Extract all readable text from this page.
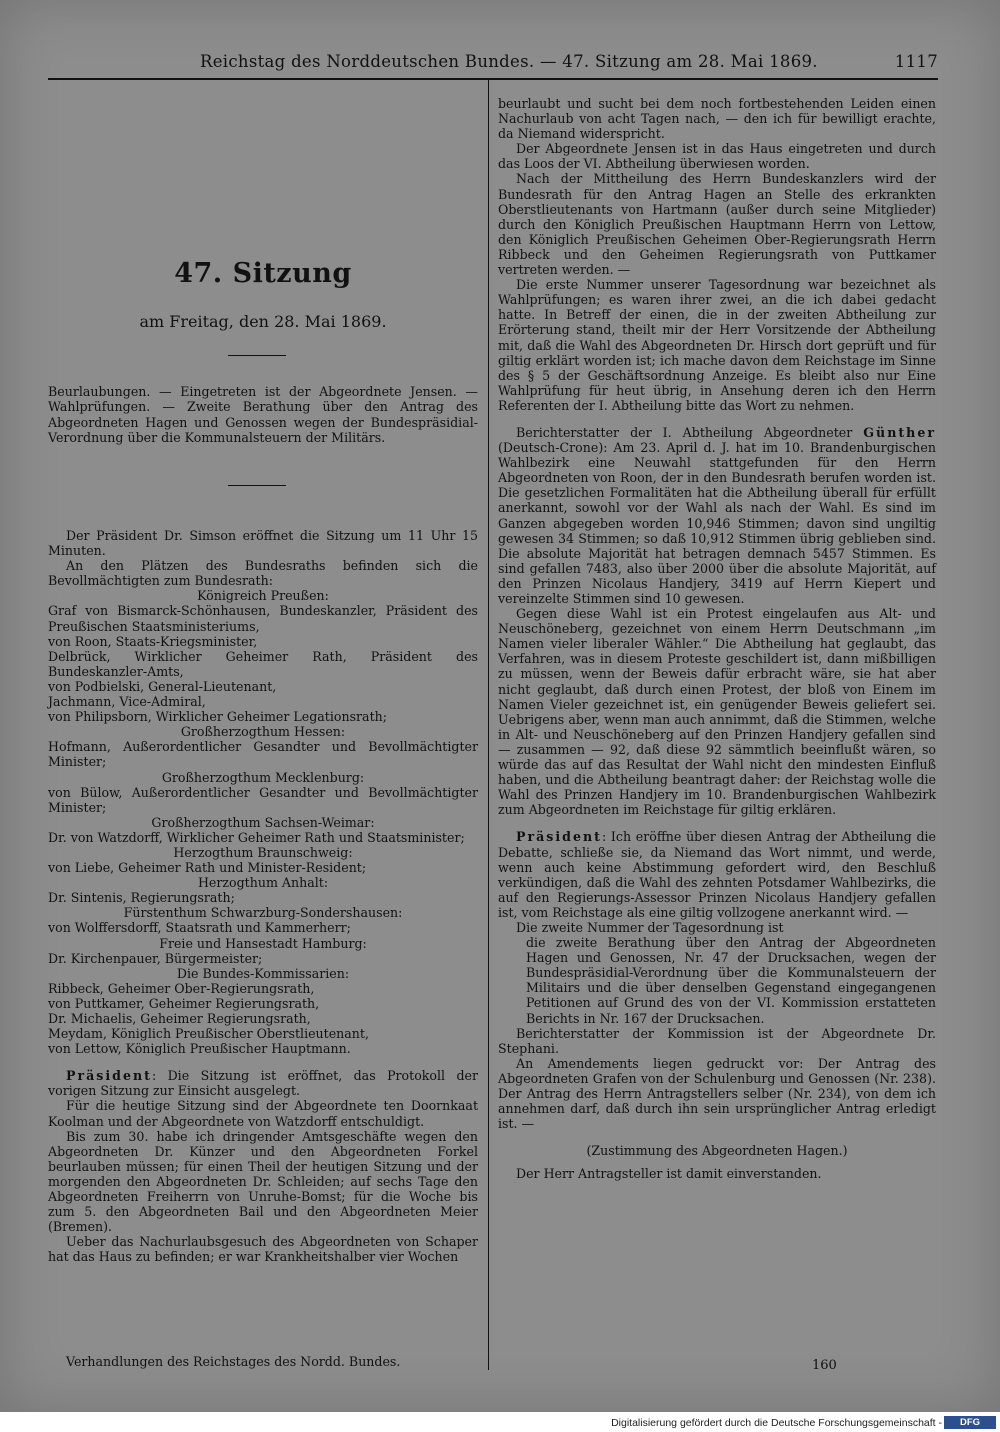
Reichstag des Norddeutschen Bundes. — 47. Sitzung am 28. Mai 1869.	1117
47. Sitzung
am Freitag, den 28. Mai 1869.
Beurlaubungen. — Eingetreten ist der Abgeordnete Jensen. — Wahlprüfungen. — Zweite Berathung über den Antrag des Abgeordneten Hagen und Genossen wegen der Bundespräsidial-Verordnung über die Kommunalsteuern der Militärs.

Der Präsident Dr. Simson eröffnet die Sitzung um 11 Uhr 15 Minuten.

An den Plätzen des Bundesraths befinden sich die Bevollmächtigten zum Bundesrath:

Königreich Preußen:
Graf von Bismarck-Schönhausen, Bundeskanzler, Präsident des Preußischen Staatsministeriums,
von Roon, Staats-Kriegsminister,
Delbrück, Wirklicher Geheimer Rath, Präsident des Bundeskanzler-Amts,
von Podbielski, General-Lieutenant,
Jachmann, Vice-Admiral,
von Philipsborn, Wirklicher Geheimer Legationsrath;
Großherzogthum Hessen:
Hofmann, Außerordentlicher Gesandter und Bevollmächtigter Minister;
Großherzogthum Mecklenburg:
von Bülow, Außerordentlicher Gesandter und Bevollmächtigter Minister;
Großherzogthum Sachsen-Weimar:
Dr. von Watzdorff, Wirklicher Geheimer Rath und Staatsminister;
Herzogthum Braunschweig:
von Liebe, Geheimer Rath und Minister-Resident;
Herzogthum Anhalt:
Dr. Sintenis, Regierungsrath;
Fürstenthum Schwarzburg-Sondershausen:
von Wolffersdorff, Staatsrath und Kammerherr;
Freie und Hansestadt Hamburg:
Dr. Kirchenpauer, Bürgermeister;
Die Bundes-Kommissarien:
Ribbeck, Geheimer Ober-Regierungsrath,
von Puttkamer, Geheimer Regierungsrath,
Dr. Michaelis, Geheimer Regierungsrath,
Meydam, Königlich Preußischer Oberstlieutenant,
von Lettow, Königlich Preußischer Hauptmann.

Präsident: Die Sitzung ist eröffnet, das Protokoll der vorigen Sitzung zur Einsicht ausgelegt.

Für die heutige Sitzung sind der Abgeordnete ten Doornkaat Koolman und der Abgeordnete von Watzdorff entschuldigt.

Bis zum 30. habe ich dringender Amtsgeschäfte wegen den Abgeordneten Dr. Künzer und den Abgeordneten Forkel beurlauben müssen; für einen Theil der heutigen Sitzung und der morgenden den Abgeordneten Dr. Schleiden; auf sechs Tage den Abgeordneten Freiherrn von Unruhe-Bomst; für die Woche bis zum 5. den Abgeordneten Bail und den Abgeordneten Meier (Bremen).

Ueber das Nachurlaubsgesuch des Abgeordneten von Schaper hat das Haus zu befinden; er war Krankheitshalber vier Wochen

beurlaubt und sucht bei dem noch fortbestehenden Leiden einen Nachurlaub von acht Tagen nach, — den ich für bewilligt erachte, da Niemand widerspricht.

Der Abgeordnete Jensen ist in das Haus eingetreten und durch das Loos der VI. Abtheilung überwiesen worden.

Nach der Mittheilung des Herrn Bundeskanzlers wird der Bundesrath für den Antrag Hagen an Stelle des erkrankten Oberstlieutenants von Hartmann (außer durch seine Mitglieder) durch den Königlich Preußischen Hauptmann Herrn von Lettow, den Königlich Preußischen Geheimen Ober-Regierungsrath Herrn Ribbeck und den Geheimen Regierungsrath von Puttkamer vertreten werden. —

Die erste Nummer unserer Tagesordnung war bezeichnet als Wahlprüfungen; es waren ihrer zwei, an die ich dabei gedacht hatte. In Betreff der einen, die in der zweiten Abtheilung zur Erörterung stand, theilt mir der Herr Vorsitzende der Abtheilung mit, daß die Wahl des Abgeordneten Dr. Hirsch dort geprüft und für giltig erklärt worden ist; ich mache davon dem Reichstage im Sinne des § 5 der Geschäftsordnung Anzeige. Es bleibt also nur Eine Wahlprüfung für heut übrig, in Ansehung deren ich den Herrn Referenten der I. Abtheilung bitte das Wort zu nehmen.

Berichterstatter der I. Abtheilung Abgeordneter Günther (Deutsch-Crone): Am 23. April d. J. hat im 10. Brandenburgischen Wahlbezirk eine Neuwahl stattgefunden für den Herrn Abgeordneten von Roon, der in den Bundesrath berufen worden ist. Die gesetzlichen Formalitäten hat die Abtheilung überall für erfüllt anerkannt, sowohl vor der Wahl als nach der Wahl. Es sind im Ganzen abgegeben worden 10,946 Stimmen; davon sind ungiltig gewesen 34 Stimmen; so daß 10,912 Stimmen übrig geblieben sind. Die absolute Majorität hat betragen demnach 5457 Stimmen. Es sind gefallen 7483, also über 2000 über die absolute Majorität, auf den Prinzen Nicolaus Handjery, 3419 auf Herrn Kiepert und vereinzelte Stimmen sind 10 gewesen.

Gegen diese Wahl ist ein Protest eingelaufen aus Alt- und Neuschöneberg, gezeichnet von einem Herrn Deutschmann „im Namen vieler liberaler Wähler.“ Die Abtheilung hat geglaubt, das Verfahren, was in diesem Proteste geschildert ist, dann mißbilligen zu müssen, wenn der Beweis dafür erbracht wäre, sie hat aber nicht geglaubt, daß durch einen Protest, der bloß von Einem im Namen Vieler gezeichnet ist, ein genügender Beweis geliefert sei. Uebrigens aber, wenn man auch annimmt, daß die Stimmen, welche in Alt- und Neuschöneberg auf den Prinzen Handjery gefallen sind — zusammen — 92, daß diese 92 sämmtlich beeinflußt wären, so würde das auf das Resultat der Wahl nicht den mindesten Einfluß haben, und die Abtheilung beantragt daher: der Reichstag wolle die Wahl des Prinzen Handjery im 10. Brandenburgischen Wahlbezirk zum Abgeordneten im Reichstage für giltig erklären.

Präsident: Ich eröffne über diesen Antrag der Abtheilung die Debatte, schließe sie, da Niemand das Wort nimmt, und werde, wenn auch keine Abstimmung gefordert wird, den Beschluß verkündigen, daß die Wahl des zehnten Potsdamer Wahlbezirks, die auf den Regierungs-Assessor Prinzen Nicolaus Handjery gefallen ist, vom Reichstage als eine giltig vollzogene anerkannt wird. —

Die zweite Nummer der Tagesordnung ist

die zweite Berathung über den Antrag der Abgeordneten Hagen und Genossen, Nr. 47 der Drucksachen, wegen der Bundespräsidial-Verordnung über die Kommunalsteuern der Militairs und die über denselben Gegenstand eingegangenen Petitionen auf Grund des von der VI. Kommission erstatteten Berichts in Nr. 167 der Drucksachen.

Berichterstatter der Kommission ist der Abgeordnete Dr. Stephani.

An Amendements liegen gedruckt vor: Der Antrag des Abgeordneten Grafen von der Schulenburg und Genossen (Nr. 238). Der Antrag des Herrn Antragstellers selber (Nr. 234), von dem ich annehmen darf, daß durch ihn sein ursprünglicher Antrag erledigt ist. —

(Zustimmung des Abgeordneten Hagen.)

Der Herr Antragsteller ist damit einverstanden.

Verhandlungen des Reichstages des Nordd. Bundes.	160
Digitalisierung gefördert durch die Deutsche Forschungsgemeinschaft -	DFG
